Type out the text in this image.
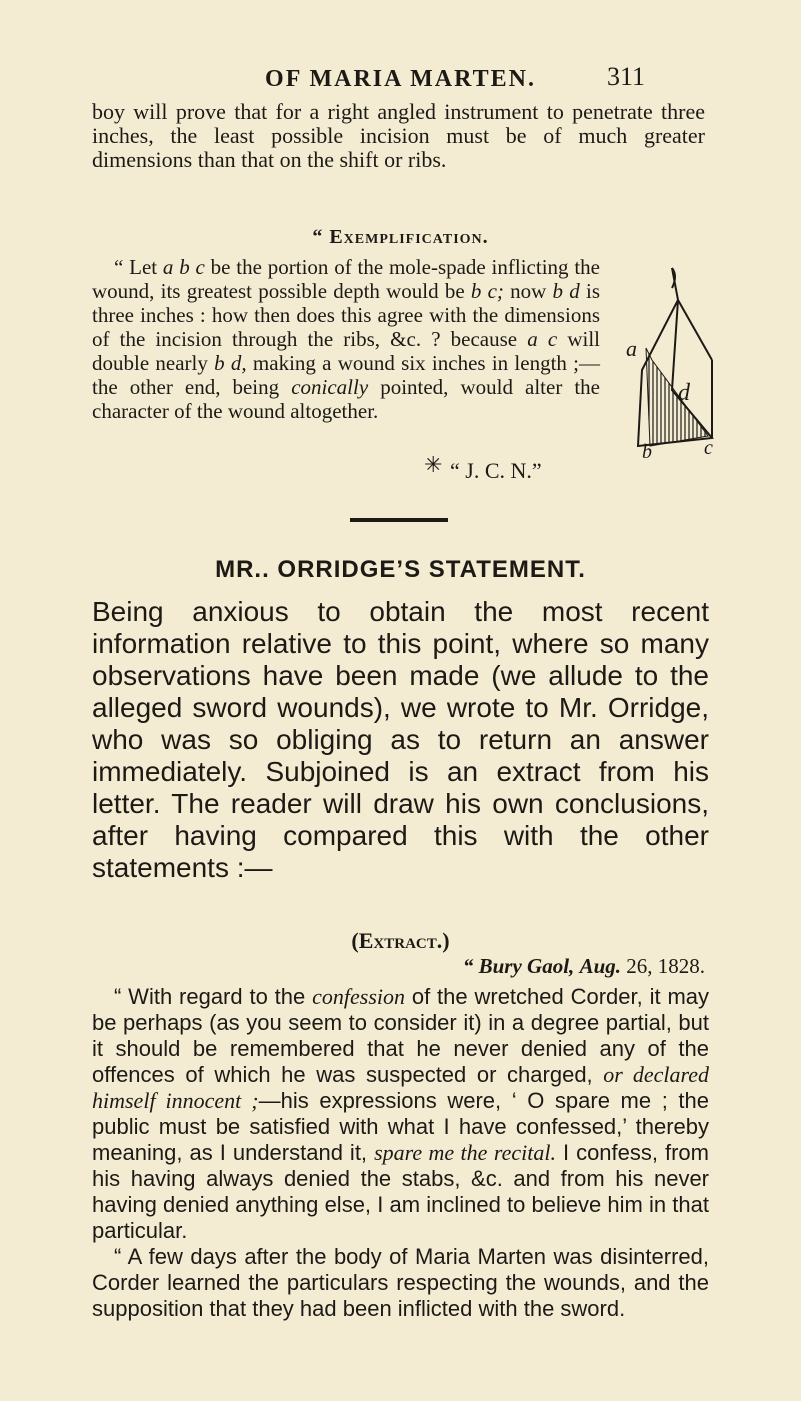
OF MARIA MARTEN.	311

boy will prove that for a right angled instrument to penetrate three inches, the least possible incision must be of much greater dimensions than that on the shift or ribs.

“ Exemplification.

“ Let a b c be the portion of the mole-spade inflicting the wound, its greatest possible depth would be b c; now b d is three inches : how then does this agree with the dimensions of the incision through the ribs, &c. ? because a c will double nearly b d, making a wound six inches in length ;—the other end, being conically pointed, would alter the character of the wound altogether.

a
d
b	c
✳ “ J. C. N.”
MR.. ORRIDGE’S STATEMENT.

Being anxious to obtain the most recent information relative to this point, where so many observations have been made (we allude to the alleged sword wounds), we wrote to Mr. Orridge, who was so obliging as to return an answer immediately. Subjoined is an extract from his letter. The reader will draw his own conclusions, after having compared this with the other statements :—

(Extract.)
“ Bury Gaol, Aug. 26, 1828.

“ With regard to the confession of the wretched Corder, it may be perhaps (as you seem to consider it) in a degree partial, but it should be remembered that he never denied any of the offences of which he was suspected or charged, or declared himself innocent ;—his expressions were, ‘ O spare me ; the public must be satisfied with what I have confessed,’ thereby meaning, as I understand it, spare me the recital. I confess, from his having always denied the stabs, &c. and from his never having denied anything else, I am inclined to believe him in that particular.

“ A few days after the body of Maria Marten was disinterred, Corder learned the particulars respecting the wounds, and the supposition that they had been inflicted with the sword.
